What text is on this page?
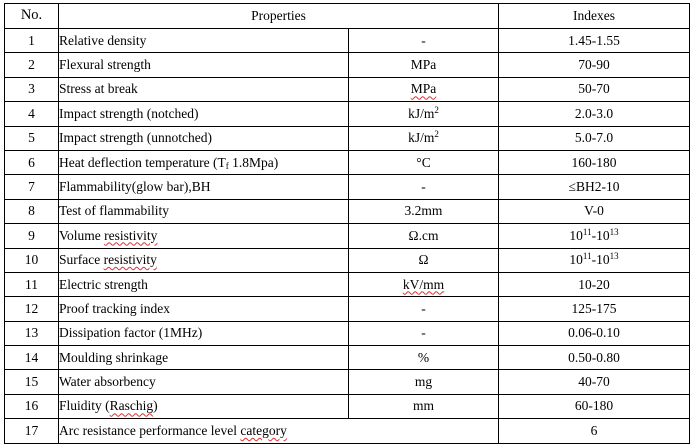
No.	Properties		Indexes
1	Relative density	-	1.45-1.55
2	Flexural strength	MPa	70-90
3	Stress at break	MPa	50-70
4	Impact strength (notched)	$kJ/m^2$	2.0-3.0
5	Impact strength (unnotched)	$kJ/m^2$	5.0-7.0
6	Heat deflection temperature ($T_f$ 1.8Mpa)	°C	160-180
7	Flammability(glow bar),BH	-	≤BH2-10
8	Test of flammability	3.2mm	V-0
9	Volume resistivity	Ω.cm	$10^{11}-10^{13}$
10	Surface resistivity	Ω	$10^{11}-10^{13}$
11	Electric strength	kV/mm	10-20
12	Proof tracking index	-	125-175
13	Dissipation factor (1MHz)	-	0.06-0.10
14	Moulding shrinkage	%	0.50-0.80
15	Water absorbency	mg	40-70
16	Fluidity (Raschig)	mm	60-180
17	Arc resistance performance level category		6
